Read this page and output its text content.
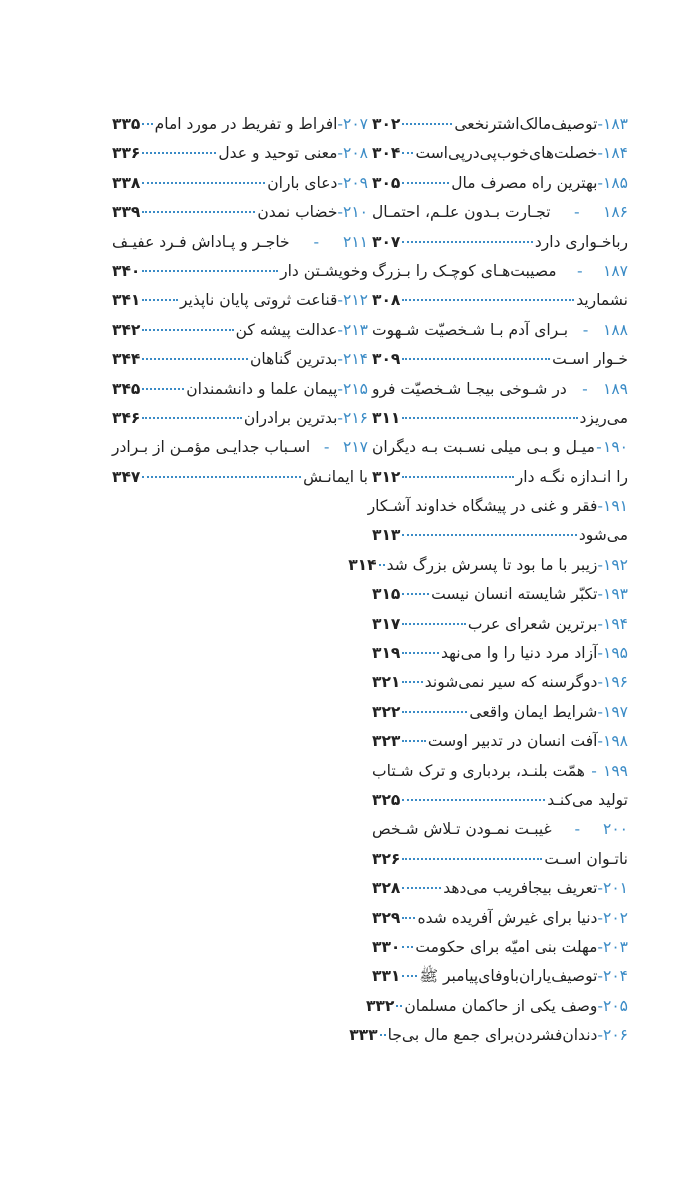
۱۸۳
-
توصیف‌مالک‌اشترنخعی
۳۰۲
۱۸۴
-
خصلت‌های‌خوب‌پی‌درپی‌است
۳۰۴
۱۸۵
-
بهترین راه مصرف مال
۳۰۵
۱۸۶
-
تجـارت بـدون علـم، احتمـال
رباخـواری دارد
۳۰۷
۱۸۷
-
مصیبت‌هـای کوچـک را بـزرگ
نشمارید
۳۰۸
۱۸۸
-
بـرای آدم بـا شـخصیّت شـهوت
خـوار اسـت
۳۰۹
۱۸۹
-
در شـوخی بیجـا شـخصیّت فرو
می‌ریزد
۳۱۱
۱۹۰
-
میـل و بـی میلی نسـبت بـه دیگران
را انـدازه نگـه دار
۳۱۲
۱۹۱
-
فقر و غنی در پیشگاه خداوند آشـکار
می‌شود
۳۱۳
۱۹۲
-
زیبر با ما بود تا پسرش بزرگ شد
۳۱۴
۱۹۳
-
تکبّر شایسته انسان نیست
۳۱۵
۱۹۴
-
برترین شعرای عرب
۳۱۷
۱۹۵
-
آزاد مرد دنیا را وا می‌نهد
۳۱۹
۱۹۶
-
دوگرسنه که سیر نمی‌شوند
۳۲۱
۱۹۷
-
شرایط ایمان واقعی
۳۲۲
۱۹۸
-
آفت انسان در تدبیر اوست
۳۲۳
۱۹۹
-
همّت بلنـد، بردباری و ترک شـتاب
تولید می‌کنـد
۳۲۵
۲۰۰
-
غیبـت نمـودن تـلاش شـخص
ناتـوان اسـت
۳۲۶
۲۰۱
-
تعریف بیجافریب می‌دهد
۳۲۸
۲۰۲
-
دنیا برای غیرش آفریده شده
۳۲۹
۲۰۳
-
مهلت بنی امیّه برای حکومت
۳۳۰
۲۰۴
-
توصیف‌یاران‌باوفای‌پیامبر ﷺ
۳۳۱
۲۰۵
-
وصف یکی از حاکمان مسلمان
۳۳۲
۲۰۶
-
دندان‌فشردن‌برای جمع مال بی‌جا
۳۳۳
۲۰۷
-
افراط و تفریط در مورد امام
۳۳۵
۲۰۸
-
معنی توحید و عدل
۳۳۶
۲۰۹
-
دعای باران
۳۳۸
۲۱۰
-
خضاب نمدن
۳۳۹
۲۱۱
-
خاجـر و پـاداش فـرد عفیـف
وخویشـتن دار
۳۴۰
۲۱۲
-
قناعت ثروتی پایان ناپذیر
۳۴۱
۲۱۳
-
عدالت پیشه کن
۳۴۲
۲۱۴
-
بدترین گناهان
۳۴۴
۲۱۵
-
پیمان علما و دانشمندان
۳۴۵
۲۱۶
-
بدترین برادران
۳۴۶
۲۱۷
-
اسـباب جدایـی مؤمـن از بـرادر
با ایمانـش
۳۴۷
